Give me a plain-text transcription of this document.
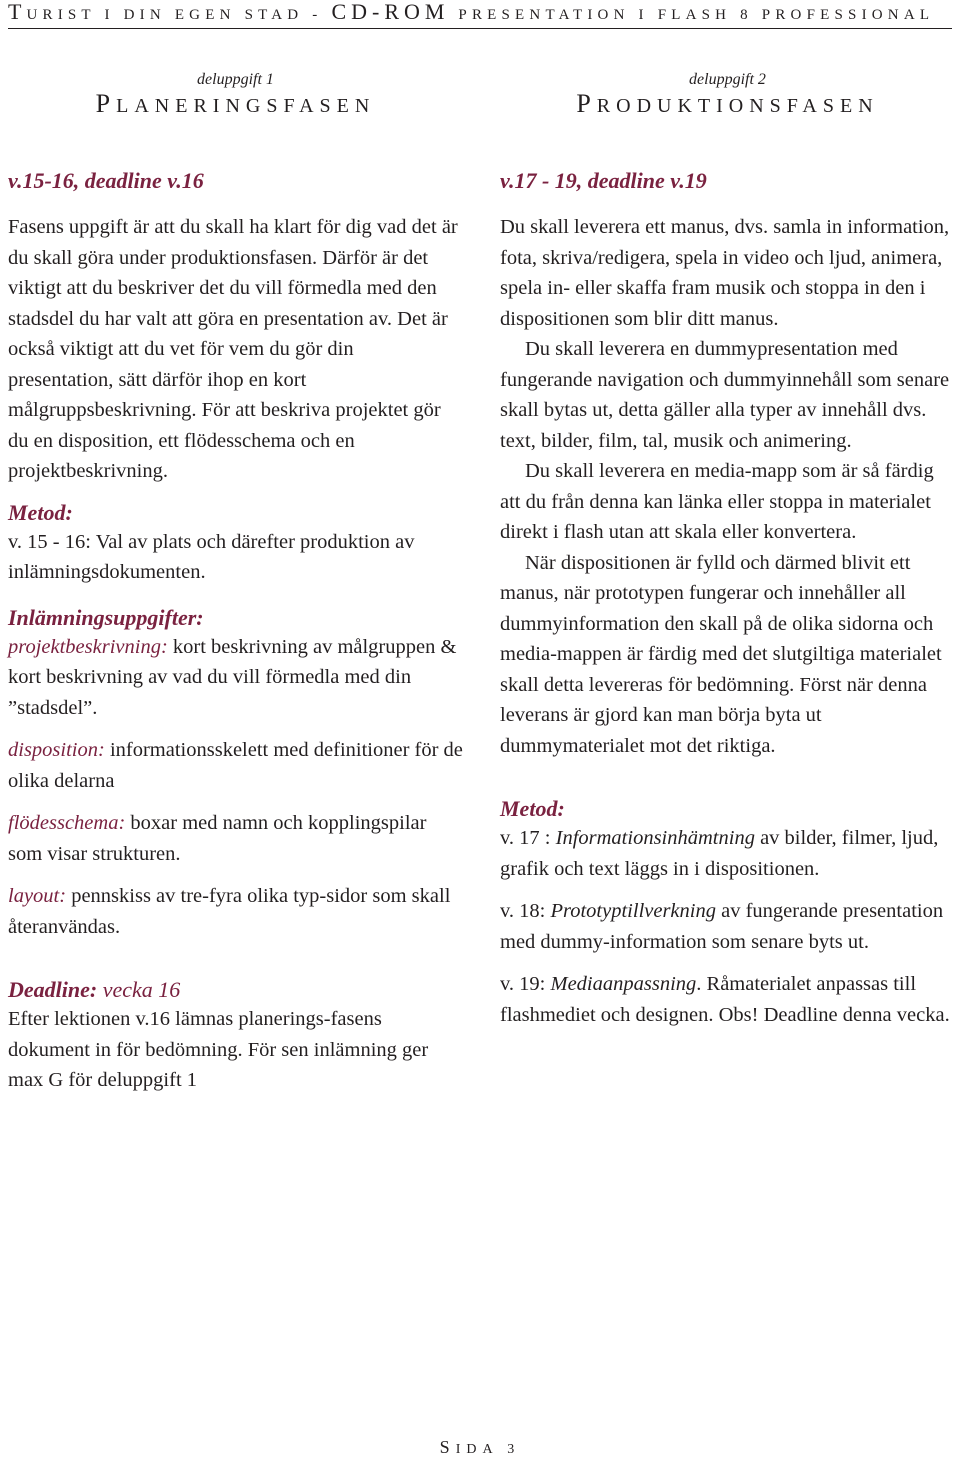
TURIST I DIN EGEN STAD - CD-ROM PRESENTATION I FLASH 8 PROFESSIONAL
deluppgift 1
PLANERINGSFASEN
v.15-16, deadline v.16

Fasens uppgift är att du skall ha klart för dig vad det är du skall göra under produktionsfasen. Därför är det viktigt att du beskriver det du vill förmedla med den stadsdel du har valt att göra en presentation av. Det är också viktigt att du vet för vem du gör din presentation, sätt därför ihop en kort målgruppsbeskrivning. För att beskriva projektet gör du en disposition, ett flödesschema och en projektbeskrivning.

Metod:

v. 15 - 16: Val av plats och därefter produktion av inlämningsdokumenten.

Inlämningsuppgifter:

projektbeskrivning: kort beskrivning av målgruppen & kort beskrivning av vad du vill förmedla med din ”stadsdel”.

disposition: informationsskelett med definitioner för de olika delarna

flödesschema: boxar med namn och kopplingspilar som visar strukturen.

layout: pennskiss av tre-fyra olika typ-sidor som skall återanvändas.

Deadline: vecka 16

Efter lektionen v.16 lämnas planerings-fasens dokument in för bedömning. För sen inlämning ger max G för deluppgift 1

deluppgift 2
PRODUKTIONSFASEN
v.17 - 19, deadline v.19

Du skall leverera ett manus, dvs. samla in information, fota, skriva/redigera, spela in video och ljud, animera, spela in- eller skaffa fram musik och stoppa in den i dispositionen som blir ditt manus.

Du skall leverera en dummypresentation med fungerande navigation och dummyinnehåll som senare skall bytas ut, detta gäller alla typer av innehåll dvs. text, bilder, film, tal, musik och animering.

Du skall leverera en media-mapp som är så färdig att du från denna kan länka eller stoppa in materialet direkt i flash utan att skala eller konvertera.

När dispositionen är fylld och därmed blivit ett manus, när prototypen fungerar och innehåller all dummyinformation den skall på de olika sidorna och media-mappen är färdig med det slutgiltiga materialet skall detta levereras för bedömning. Först när denna leverans är gjord kan man börja byta ut dummymaterialet mot det riktiga.

Metod:

v. 17 : Informationsinhämtning av bilder, filmer, ljud, grafik och text läggs in i dispositionen.

v. 18: Prototyptillverkning av fungerande presentation med dummy-information som senare byts ut.

v. 19: Mediaanpassning. Råmaterialet anpassas till flashmediet och designen. Obs! Deadline denna vecka.

SIDA 3
